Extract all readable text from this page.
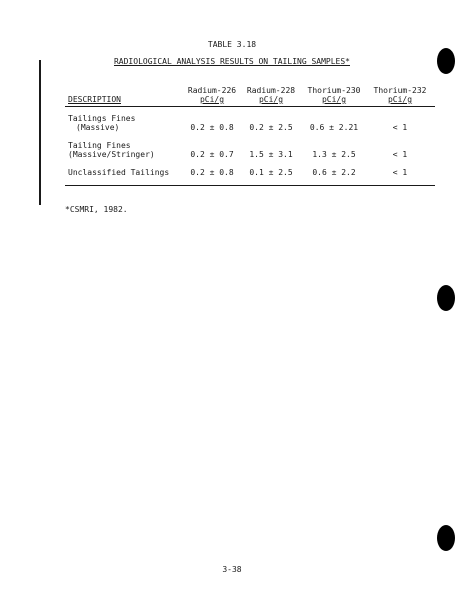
TABLE 3.18
RADIOLOGICAL ANALYSIS RESULTS ON TAILING SAMPLES*
Radium-226	Radium-228	Thorium-230	Thorium-232
DESCRIPTION	pCi/g	pCi/g	pCi/g	pCi/g
Tailings Fines
(Massive)	0.2 ± 0.8	0.2 ± 2.5	0.6 ± 2.21	< 1
Tailing Fines
(Massive/Stringer)	0.2 ± 0.7	1.5 ± 3.1	1.3 ± 2.5	< 1
Unclassified Tailings	0.2 ± 0.8	0.1 ± 2.5	0.6 ± 2.2	< 1
*CSMRI, 1982.
3-38
